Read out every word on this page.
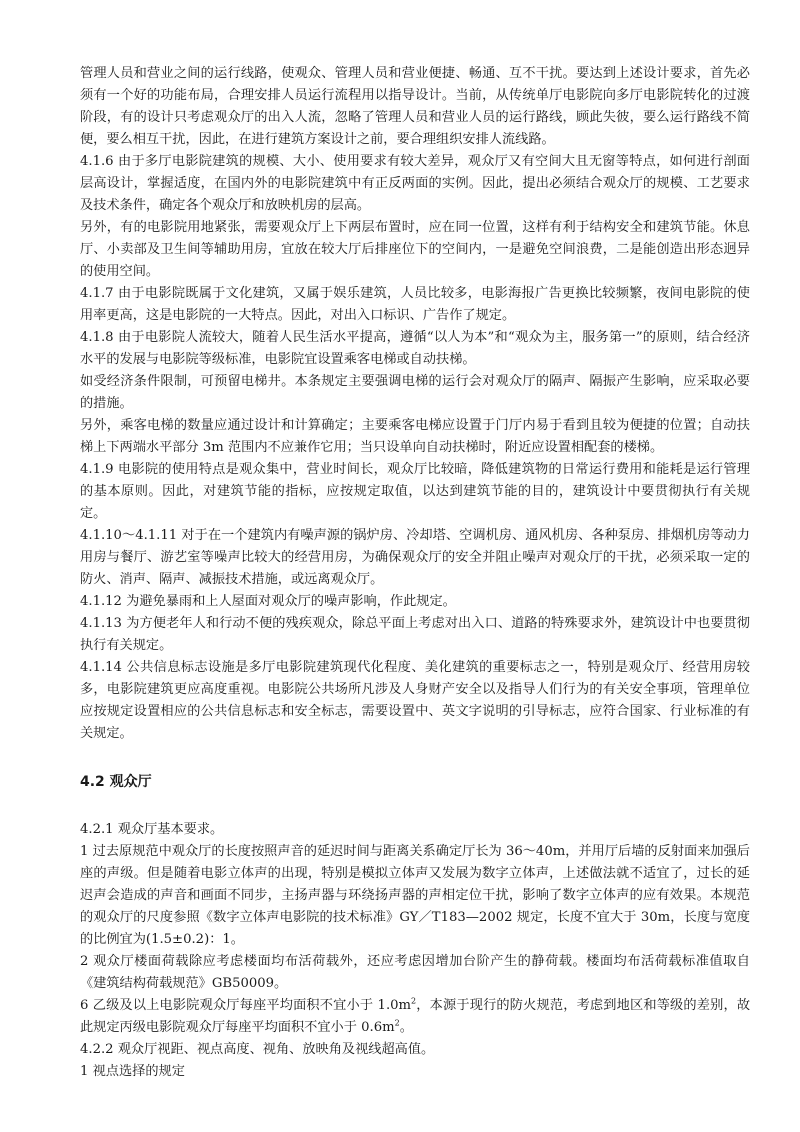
管理人员和营业之间的运行线路，使观众、管理人员和营业便捷、畅通、互不干扰。要达到上述设计要求，首先必须有一个好的功能布局，合理安排人员运行流程用以指导设计。当前，从传统单厅电影院向多厅电影院转化的过渡阶段，有的设计只考虑观众厅的出入人流，忽略了管理人员和营业人员的运行路线，顾此失彼，要么运行路线不简便，要么相互干扰，因此，在进行建筑方案设计之前，要合理组织安排人流线路。

4.1.6 由于多厅电影院建筑的规模、大小、使用要求有较大差异，观众厅又有空间大且无窗等特点，如何进行剖面层高设计，掌握适度，在国内外的电影院建筑中有正反两面的实例。因此，提出必须结合观众厅的规模、工艺要求及技术条件，确定各个观众厅和放映机房的层高。

另外，有的电影院用地紧张，需要观众厅上下两层布置时，应在同一位置，这样有利于结构安全和建筑节能。休息厅、小卖部及卫生间等辅助用房，宜放在较大厅后排座位下的空间内，一是避免空间浪费，二是能创造出形态迥异的使用空间。

4.1.7 由于电影院既属于文化建筑，又属于娱乐建筑，人员比较多，电影海报广告更换比较频繁，夜间电影院的使用率更高，这是电影院的一大特点。因此，对出入口标识、广告作了规定。

4.1.8 由于电影院人流较大，随着人民生活水平提高，遵循“以人为本”和“观众为主，服务第一”的原则，结合经济水平的发展与电影院等级标准，电影院宜设置乘客电梯或自动扶梯。

如受经济条件限制，可预留电梯井。本条规定主要强调电梯的运行会对观众厅的隔声、隔振产生影响，应采取必要的措施。

另外，乘客电梯的数量应通过设计和计算确定；主要乘客电梯应设置于门厅内易于看到且较为便捷的位置；自动扶梯上下两端水平部分 3m 范围内不应兼作它用；当只设单向自动扶梯时，附近应设置相配套的楼梯。

4.1.9 电影院的使用特点是观众集中，营业时间长，观众厅比较暗，降低建筑物的日常运行费用和能耗是运行管理的基本原则。因此，对建筑节能的指标，应按规定取值，以达到建筑节能的目的，建筑设计中要贯彻执行有关规定。

4.1.10～4.1.11 对于在一个建筑内有噪声源的锅炉房、冷却塔、空调机房、通风机房、各种泵房、排烟机房等动力用房与餐厅、游艺室等噪声比较大的经营用房，为确保观众厅的安全并阻止噪声对观众厅的干扰，必须采取一定的防火、消声、隔声、减振技术措施，或远离观众厅。

4.1.12 为避免暴雨和上人屋面对观众厅的噪声影响，作此规定。

4.1.13 为方便老年人和行动不便的残疾观众，除总平面上考虑对出入口、道路的特殊要求外，建筑设计中也要贯彻执行有关规定。

4.1.14 公共信息标志设施是多厅电影院建筑现代化程度、美化建筑的重要标志之一，特别是观众厅、经营用房较多，电影院建筑更应高度重视。电影院公共场所凡涉及人身财产安全以及指导人们行为的有关安全事项，管理单位应按规定设置相应的公共信息标志和安全标志，需要设置中、英文字说明的引导标志，应符合国家、行业标准的有关规定。

4.2 观众厅

4.2.1 观众厅基本要求。

1 过去原规范中观众厅的长度按照声音的延迟时间与距离关系确定厅长为 36～40m，并用厅后墙的反射面来加强后座的声级。但是随着电影立体声的出现，特别是模拟立体声又发展为数字立体声，上述做法就不适宜了，过长的延迟声会造成的声音和画面不同步，主扬声器与环绕扬声器的声相定位干扰，影响了数字立体声的应有效果。本规范的观众厅的尺度参照《数字立体声电影院的技术标准》GY／T183—2002 规定，长度不宜大于 30m，长度与宽度的比例宜为(1.5±0.2)：1。

2 观众厅楼面荷载除应考虑楼面均布活荷载外，还应考虑因增加台阶产生的静荷载。楼面均布活荷载标准值取自《建筑结构荷载规范》GB50009。

6 乙级及以上电影院观众厅每座平均面积不宜小于 $1.0m^2$，本源于现行的防火规范，考虑到地区和等级的差别，故此规定丙级电影院观众厅每座平均面积不宜小于 $0.6m^2$。

4.2.2 观众厅视距、视点高度、视角、放映角及视线超高值。

1 视点选择的规定
